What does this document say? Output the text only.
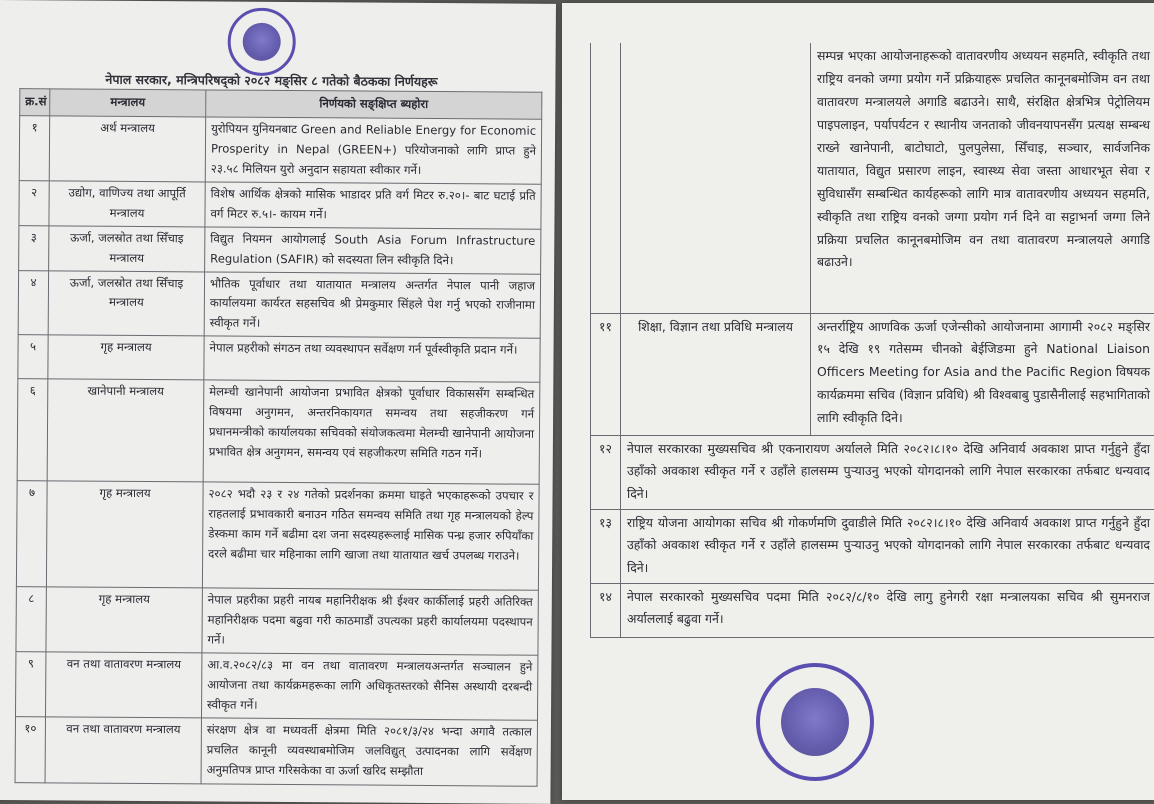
नेपाल सरकार, मन्त्रिपरिषद्को २०८२ मङ्सिर ८ गतेको बैठकका निर्णयहरू
क्र.सं	मन्त्रालय	निर्णयको सङ्क्षिप्त ब्यहोरा
१	अर्थ मन्त्रालय	युरोपियन युनियनबाट Green and Reliable Energy for Economic Prosperity in Nepal (GREEN+) परियोजनाको लागि प्राप्त हुने २३.५८ मिलियन युरो अनुदान सहायता स्वीकार गर्ने।
२	उद्योग, वाणिज्य तथा आपूर्ति मन्त्रालय	विशेष आर्थिक क्षेत्रको मासिक भाडादर प्रति वर्ग मिटर रु.२०।- बाट घटाई प्रति वर्ग मिटर रु.५।- कायम गर्ने।
३	ऊर्जा, जलस्रोत तथा सिँचाइ मन्त्रालय	विद्युत नियमन आयोगलाई South Asia Forum Infrastructure Regulation (SAFIR) को सदस्यता लिन स्वीकृति दिने।
४	ऊर्जा, जलस्रोत तथा सिँचाइ मन्त्रालय	भौतिक पूर्वाधार तथा यातायात मन्त्रालय अन्तर्गत नेपाल पानी जहाज कार्यालयमा कार्यरत सहसचिव श्री प्रेमकुमार सिंहले पेश गर्नु भएको राजीनामा स्वीकृत गर्ने।
५	गृह मन्त्रालय	नेपाल प्रहरीको संगठन तथा व्यवस्थापन सर्वेक्षण गर्न पूर्वस्वीकृति प्रदान गर्ने।
६	खानेपानी मन्त्रालय	मेलम्ची खानेपानी आयोजना प्रभावित क्षेत्रको पूर्वाधार विकाससँग सम्बन्धित विषयमा अनुगमन, अन्तरनिकायगत समन्वय तथा सहजीकरण गर्न प्रधानमन्त्रीको कार्यालयका सचिवको संयोजकत्वमा मेलम्ची खानेपानी आयोजना प्रभावित क्षेत्र अनुगमन, समन्वय एवं सहजीकरण समिति गठन गर्ने।
७	गृह मन्त्रालय	२०८२ भदौ २३ र २४ गतेको प्रदर्शनका क्रममा घाइते भएकाहरूको उपचार र राहतलाई प्रभावकारी बनाउन गठित समन्वय समिति तथा गृह मन्त्रालयको हेल्प डेस्कमा काम गर्ने बढीमा दश जना सदस्यहरूलाई मासिक पन्ध्र हजार रुपियाँका दरले बढीमा चार महिनाका लागि खाजा तथा यातायात खर्च उपलब्ध गराउने।
८	गृह मन्त्रालय	नेपाल प्रहरीका प्रहरी नायब महानिरीक्षक श्री ईश्वर कार्कीलाई प्रहरी अतिरिक्त महानिरीक्षक पदमा बढुवा गरी काठमाडौं उपत्यका प्रहरी कार्यालयमा पदस्थापन गर्ने।
९	वन तथा वातावरण मन्त्रालय	आ.व.२०८२/८३ मा वन तथा वातावरण मन्त्रालयअन्तर्गत सञ्चालन हुने आयोजना तथा कार्यक्रमहरूका लागि अधिकृतस्तरको सैनिस अस्थायी दरबन्दी स्वीकृत गर्ने।
१०	वन तथा वातावरण मन्त्रालय	संरक्षण क्षेत्र वा मध्यवर्ती क्षेत्रमा मिति २०८१/३/२४ भन्दा अगावै तत्काल प्रचलित कानूनी व्यवस्थाबमोजिम जलविद्युत् उत्पादनका लागि सर्वेक्षण अनुमतिपत्र प्राप्त गरिसकेका वा ऊर्जा खरिद सम्झौता
		सम्पन्न भएका आयोजनाहरूको वातावरणीय अध्ययन सहमति, स्वीकृति तथा राष्ट्रिय वनको जग्गा प्रयोग गर्ने प्रक्रियाहरू प्रचलित कानूनबमोजिम वन तथा वातावरण मन्त्रालयले अगाडि बढाउने। साथै, संरक्षित क्षेत्रभित्र पेट्रोलियम पाइपलाइन, पर्यापर्यटन र स्थानीय जनताको जीवनयापनसँग प्रत्यक्ष सम्बन्ध राख्ने खानेपानी, बाटोघाटो, पुलपुलेसा, सिँचाइ, सञ्चार, सार्वजनिक यातायात, विद्युत प्रसारण लाइन, स्वास्थ्य सेवा जस्ता आधारभूत सेवा र सुविधासँग सम्बन्धित कार्यहरूको लागि मात्र वातावरणीय अध्ययन सहमति, स्वीकृति तथा राष्ट्रिय वनको जग्गा प्रयोग गर्न दिने वा सट्टाभर्ना जग्गा लिने प्रक्रिया प्रचलित कानूनबमोजिम वन तथा वातावरण मन्त्रालयले अगाडि बढाउने।
११	शिक्षा, विज्ञान तथा प्रविधि मन्त्रालय	अन्तर्राष्ट्रिय आणविक ऊर्जा एजेन्सीको आयोजनामा आगामी २०८२ मङ्सिर १५ देखि १९ गतेसम्म चीनको बेईजिङमा हुने National Liaison Officers Meeting for Asia and the Pacific Region विषयक कार्यक्रममा सचिव (विज्ञान प्रविधि) श्री विश्वबाबु पुडासैनीलाई सहभागिताको लागि स्वीकृति दिने।
१२	नेपाल सरकारका मुख्यसचिव श्री एकनारायण अर्यालले मिति २०८२।८।१० देखि अनिवार्य अवकाश प्राप्त गर्नुहुने हुँदा उहाँको अवकाश स्वीकृत गर्ने र उहाँले हालसम्म पुर्‍याउनु भएको योगदानको लागि नेपाल सरकारका तर्फबाट धन्यवाद दिने।	
१३	राष्ट्रिय योजना आयोगका सचिव श्री गोकर्णमणि दुवाडीले मिति २०८२।८।१० देखि अनिवार्य अवकाश प्राप्त गर्नुहुने हुँदा उहाँको अवकाश स्वीकृत गर्ने र उहाँले हालसम्म पुर्‍याउनु भएको योगदानको लागि नेपाल सरकारका तर्फबाट धन्यवाद दिने।	
१४	नेपाल सरकारको मुख्यसचिव पदमा मिति २०८२/८/१० देखि लागु हुनेगरी रक्षा मन्त्रालयका सचिव श्री सुमनराज अर्याललाई बढुवा गर्ने।	
